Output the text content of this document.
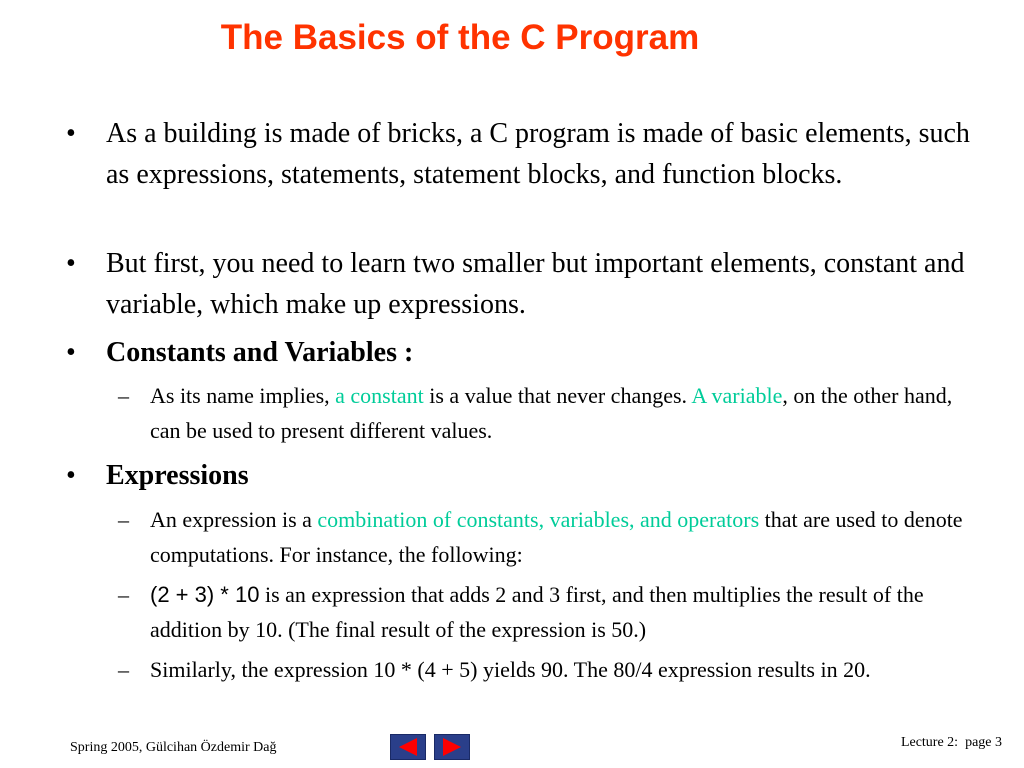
The Basics of the C Program
• As a building is made of bricks, a C program is made of basic elements, such as expressions, statements, statement blocks, and function blocks.
• But first, you need to learn two smaller but important elements, constant and variable, which make up expressions.
• Constants and Variables :
– As its name implies, a constant is a value that never changes. A variable, on the other hand, can be used to present different values.
• Expressions
– An expression is a combination of constants, variables, and operators that are used to denote computations. For instance, the following:
– (2 + 3) * 10 is an expression that adds 2 and 3 first, and then multiplies the result of the addition by 10. (The final result of the expression is 50.)
– Similarly, the expression 10 * (4 + 5) yields 90. The 80/4 expression results in 20.
Spring 2005, Gülcihan Özdemir Dağ	Lecture 2:  page 3
